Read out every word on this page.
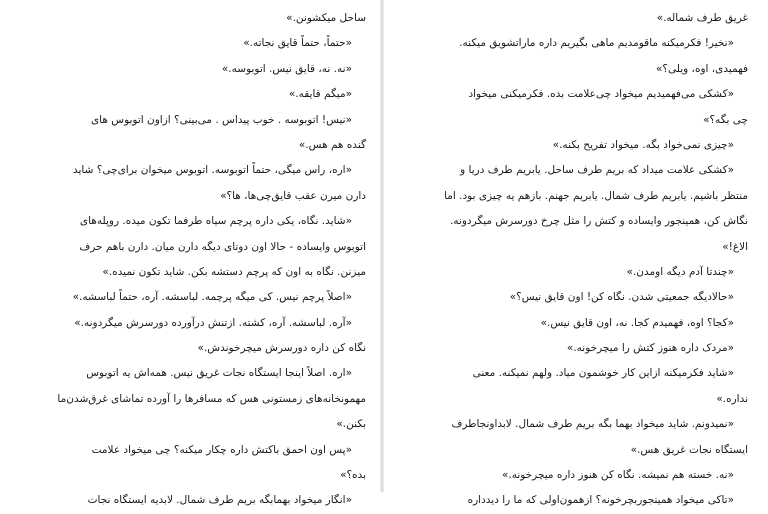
ساحل میکشونن.»
«حتماً، حتماً قایق نجاته.»
«نه. نه، قایق نیس. اتوبوسه.»
«میگم قایقه.»
«نیس! اتوبوسه . خوب پیداس . می‌بینی؟ ازاون اتوبوس های
گنده هم هس.»
«اره، راس میگی، حتماً اتوبوسه. اتوبوس میخوان برا‌ی‌چی؟ شاید
دارن میرن عقب قایق‌چی‌ها، ها؟»
«شاید. نگاه، یکی داره پرچم سیاه طرفما تکون میده. روپله‌های
اتوبوس وایساده - حالا اون دوتای دیگه دارن میان. دارن باهم حرف
میزنن. نگاه به اون که پرچم دستشه بکن. شاید تکون نمیده.»
«اصلاً پرچم نیس. کی میگه پرچمه. لباسشه. آره، حتماً لباسشه.»
«آره. لباسشه. آره، کشته. ازتنش درآورده دورسرش میگردونه.»
نگاه کن داره دورسرش میچرخوندش.»
«اره. اصلاً اینجا ایستگاه نجات غریق نیس. همه‌اش یه اتوبوس
مهمونخانه‌های زمستونی هس که مسافرها را آورده تماشای غرق‌شدن‌ما
بکنن.»
«پس اون احمق باکتش داره چکار میکنه؟ چی میخواد علامت
بده؟»
«انگار میخواد بهمابگه بریم طرف شمال. لابدیه ایستگاه نجات
غریق طرف شماله.»
«نخیر! فکرمیکنه ماقومدیم ماهی بگیریم داره ماراتشویق میکنه.
فهمیدی، اوه، ویلی؟»
«کشکی می‌فهمیدیم میخواد چی‌علامت بده. فکرمیکنی میخواد
چی بگه؟»
«چیزی نمی‌خواد بگه. میخواد تفریح بکنه.»
«کشکی علامت میداد که بریم طرف ساحل. یابریم طرف دریا و
منتظر باشیم. یابریم طرف شمال. یابریم جهنم. بازهم یه چیزی بود. اما
نگاش کن، همینجور وایساده و کتش را مثل چرخ دورسرش میگردونه.
الاغ!»
«چندتا آدم دیگه اومدن.»
«حالادیگه جمعیتی شدن. نگاه کن! اون قایق نیس؟»
«کجا؟ اوه، فهمیدم کجا. نه، اون قایق نیس.»
«مردک داره هنوز کتش را میچرخونه.»
«شاید فکرمیکنه ازاین کار خوشمون میاد. ولهم نمیکنه. معنی
نداره.»
«نمیدونم. شاید میخواد بهما بگه بریم طرف شمال. لابداونجاطرف
ایستگاه نجات غریق هس.»
«نه. خسته هم نمیشه. نگاه کن هنوز داره میچرخونه.»
«تاکی میخواد همینجوربچرخونه؟ ازهمون‌اولی که ما را دیدداره
